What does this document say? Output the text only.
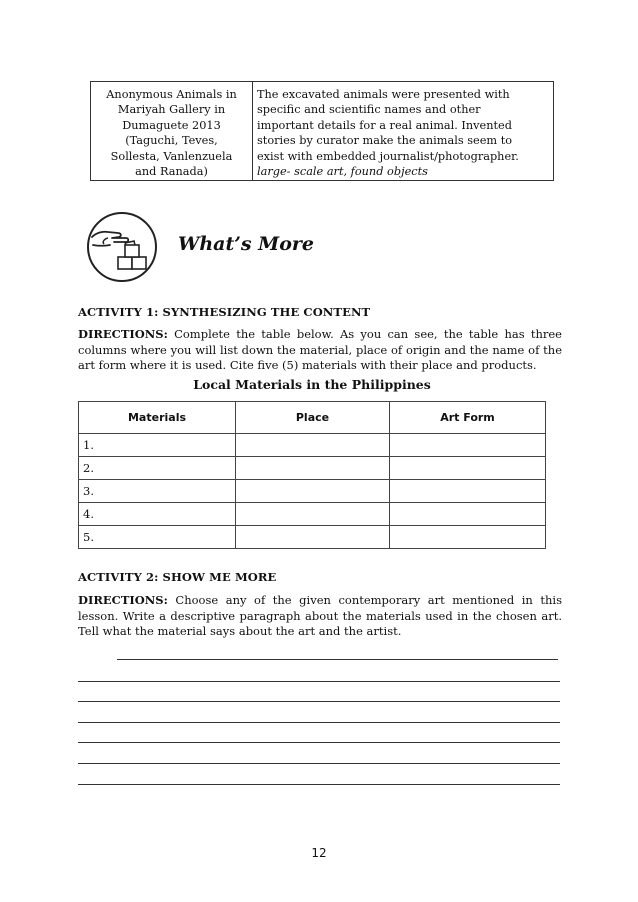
Anonymous Animals in
Mariyah Gallery in
Dumaguete 2013
(Taguchi, Teves,
Sollesta, Vanlenzuela
and Ranada)

The excavated animals were presented with
specific and scientific names and other
important details for a real animal. Invented
stories by curator make the animals seem to
exist with embedded journalist/photographer.
large- scale art, found objects
What’s More
ACTIVITY 1: SYNTHESIZING THE CONTENT
DIRECTIONS: Complete the table below. As you can see, the table has three columns where you will list down the material, place of origin and the name of the art form where it is used. Cite five (5) materials with their place and products.
Local Materials in the Philippines
Materials	Place	Art Form
1.		
2.		
3.		
4.		
5.		
ACTIVITY 2: SHOW ME MORE
DIRECTIONS: Choose any of the given contemporary art mentioned in this lesson. Write a descriptive paragraph about the materials used in the chosen art. Tell what the material says about the art and the artist.
12
